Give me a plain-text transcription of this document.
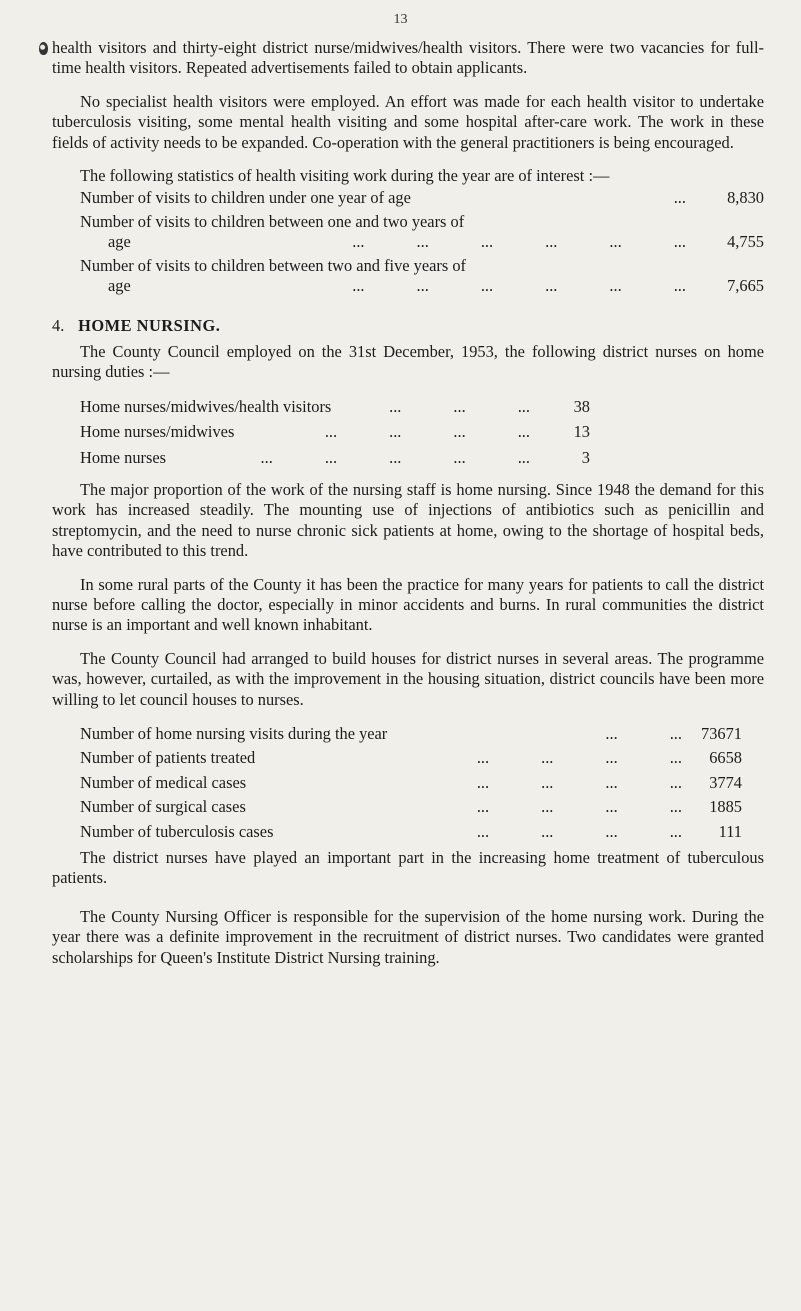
13

health visitors and thirty-eight district nurse/midwives/health visitors. There were two vacancies for full-time health visitors. Repeated advertisements failed to obtain applicants.

No specialist health visitors were employed. An effort was made for each health visitor to undertake tuberculosis visiting, some mental health visiting and some hospital after-care work. The work in these fields of activity needs to be expanded. Co-operation with the general practitioners is being encouraged.

The following statistics of health visiting work during the year are of interest :—

Number of visits to children under one year of age	...	8,830
Number of visits to children between one and two years of
age	...	...	...	...	...	...	4,755
Number of visits to children between two and five years of
age	...	...	...	...	...	...	7,665
4. HOME NURSING.

The County Council employed on the 31st December, 1953, the following district nurses on home nursing duties :—

Home nurses/midwives/health visitors	...	...	...	38
Home nurses/midwives	...	...	...	...	13
Home nurses	...	...	...	...	...	3

The major proportion of the work of the nursing staff is home nursing. Since 1948 the demand for this work has increased steadily. The mounting use of injections of antibiotics such as penicillin and streptomycin, and the need to nurse chronic sick patients at home, owing to the shortage of hospital beds, have contributed to this trend.

In some rural parts of the County it has been the practice for many years for patients to call the district nurse before calling the doctor, especially in minor accidents and burns. In rural communities the district nurse is an important and well known inhabitant.

The County Council had arranged to build houses for district nurses in several areas. The programme was, however, curtailed, as with the improvement in the housing situation, district councils have been more willing to let council houses to nurses.

Number of home nursing visits during the year	...	...	73671
Number of patients treated	...	...	...	...	6658
Number of medical cases	...	...	...	...	3774
Number of surgical cases	...	...	...	...	1885
Number of tuberculosis cases	...	...	...	...	111

The district nurses have played an important part in the increasing home treatment of tuberculous patients.

The County Nursing Officer is responsible for the supervision of the home nursing work. During the year there was a definite improvement in the recruitment of district nurses. Two candidates were granted scholarships for Queen's Institute District Nursing training.
